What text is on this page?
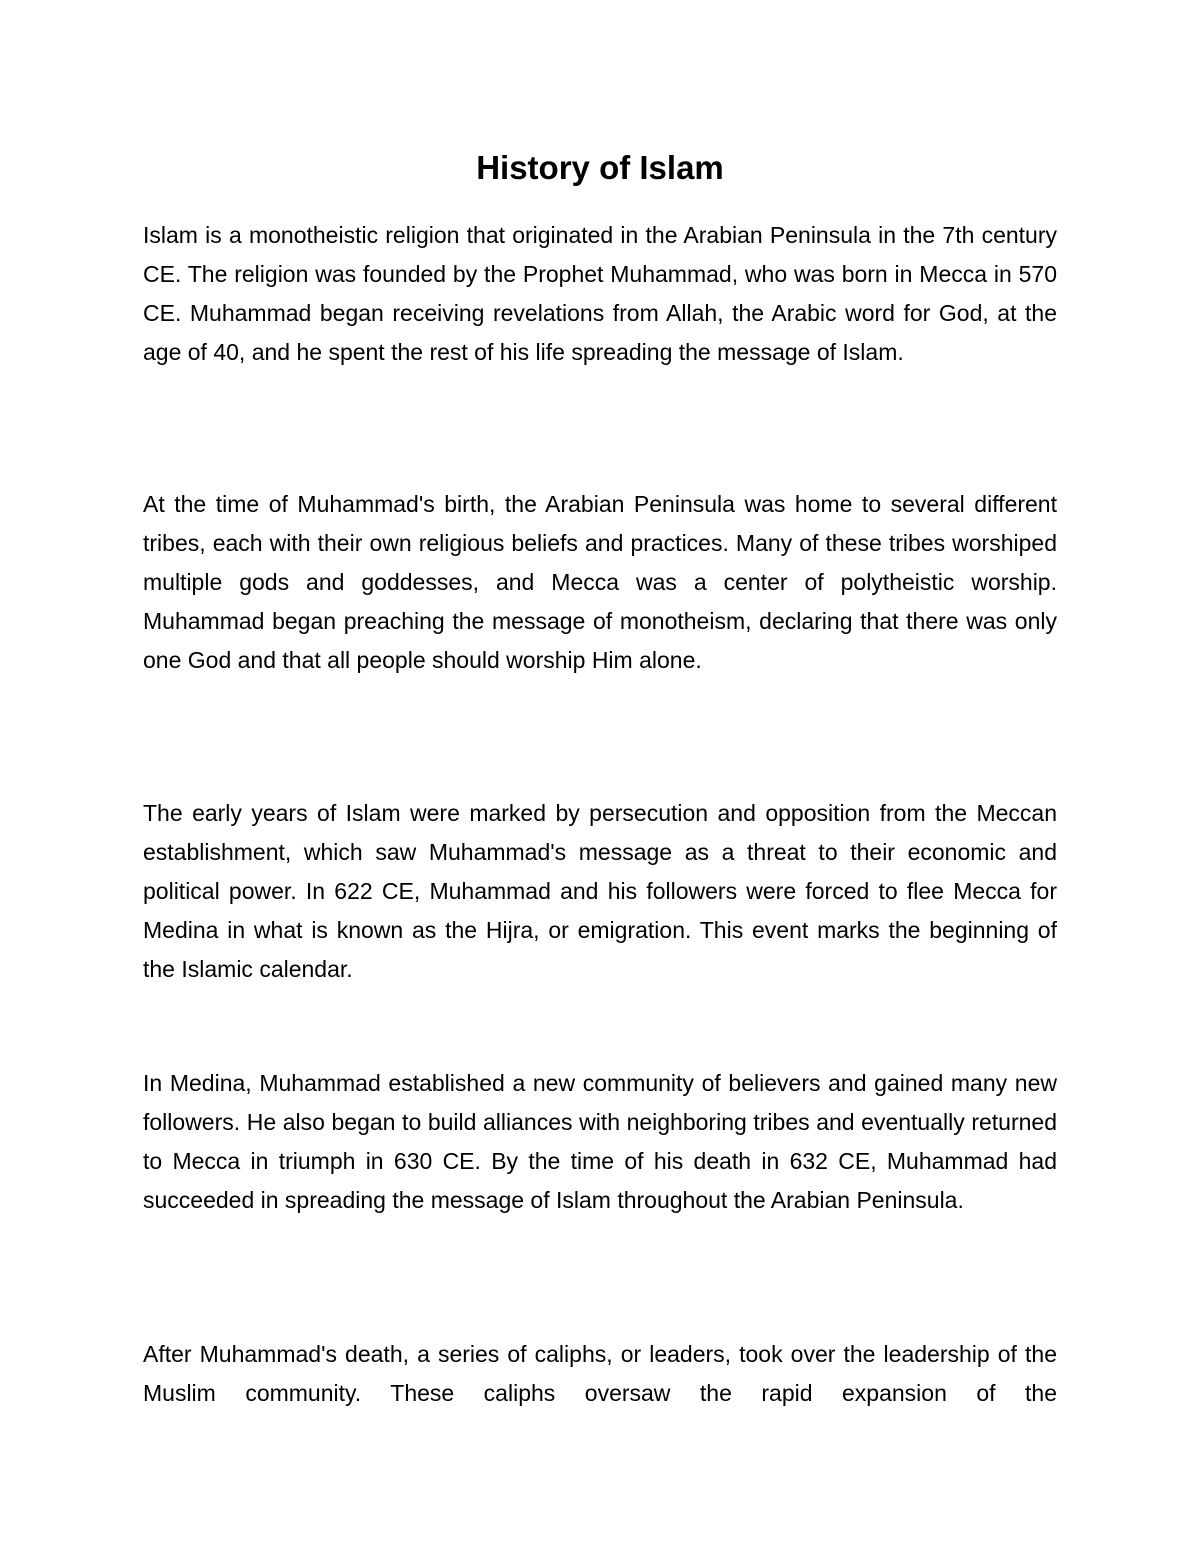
History of Islam

Islam is a monotheistic religion that originated in the Arabian Peninsula in the 7th century CE. The religion was founded by the Prophet Muhammad, who was born in Mecca in 570 CE. Muhammad began receiving revelations from Allah, the Arabic word for God, at the age of 40, and he spent the rest of his life spreading the message of Islam.

At the time of Muhammad's birth, the Arabian Peninsula was home to several different tribes, each with their own religious beliefs and practices. Many of these tribes worshiped multiple gods and goddesses, and Mecca was a center of polytheistic worship. Muhammad began preaching the message of monotheism, declaring that there was only one God and that all people should worship Him alone.

The early years of Islam were marked by persecution and opposition from the Meccan establishment, which saw Muhammad's message as a threat to their economic and political power. In 622 CE, Muhammad and his followers were forced to flee Mecca for Medina in what is known as the Hijra, or emigration. This event marks the beginning of the Islamic calendar.

In Medina, Muhammad established a new community of believers and gained many new followers. He also began to build alliances with neighboring tribes and eventually returned to Mecca in triumph in 630 CE. By the time of his death in 632 CE, Muhammad had succeeded in spreading the message of Islam throughout the Arabian Peninsula.

After Muhammad's death, a series of caliphs, or leaders, took over the leadership of the Muslim community. These caliphs oversaw the rapid expansion of the
